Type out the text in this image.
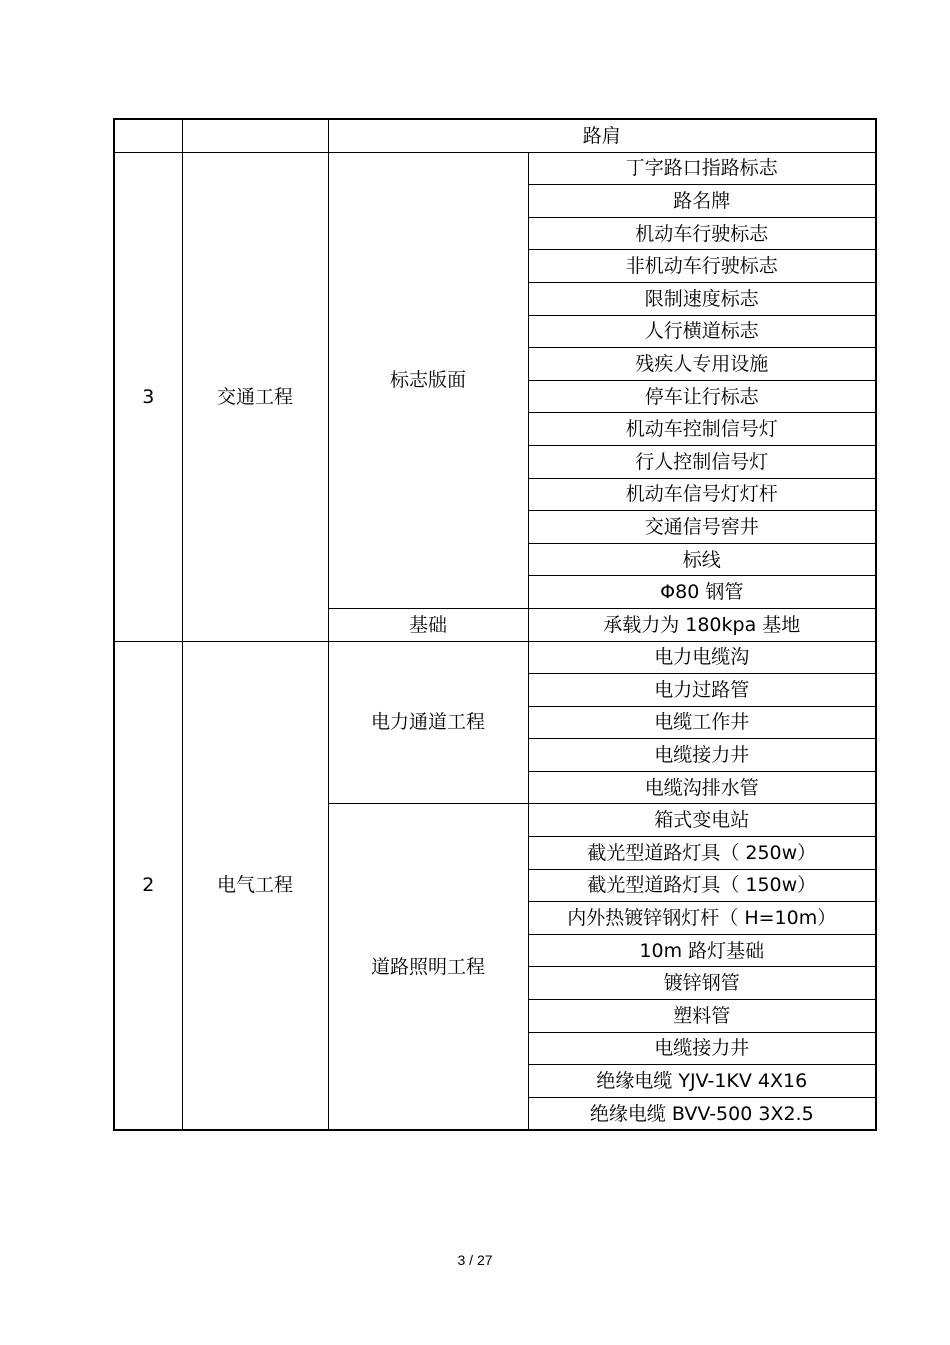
		路肩	
3	交通工程	标志版面	丁字路口指路标志
			路名牌
			机动车行驶标志
			非机动车行驶标志
			限制速度标志
			人行横道标志
			残疾人专用设施
			停车让行标志
			机动车控制信号灯
			行人控制信号灯
			机动车信号灯灯杆
			交通信号窖井
			标线
			Φ80 钢管
		基础	承载力为 180kpa 基地
2	电气工程	电力通道工程	电力电缆沟
			电力过路管
			电缆工作井
			电缆接力井
			电缆沟排水管
		道路照明工程	箱式变电站
			截光型道路灯具（ 250w）
			截光型道路灯具（ 150w）
			内外热镀锌钢灯杆（ H=10m）
			10m 路灯基础
			镀锌钢管
			塑料管
			电缆接力井
			绝缘电缆 YJV-1KV 4X16
			绝缘电缆 BVV-500 3X2.5
3 / 27
